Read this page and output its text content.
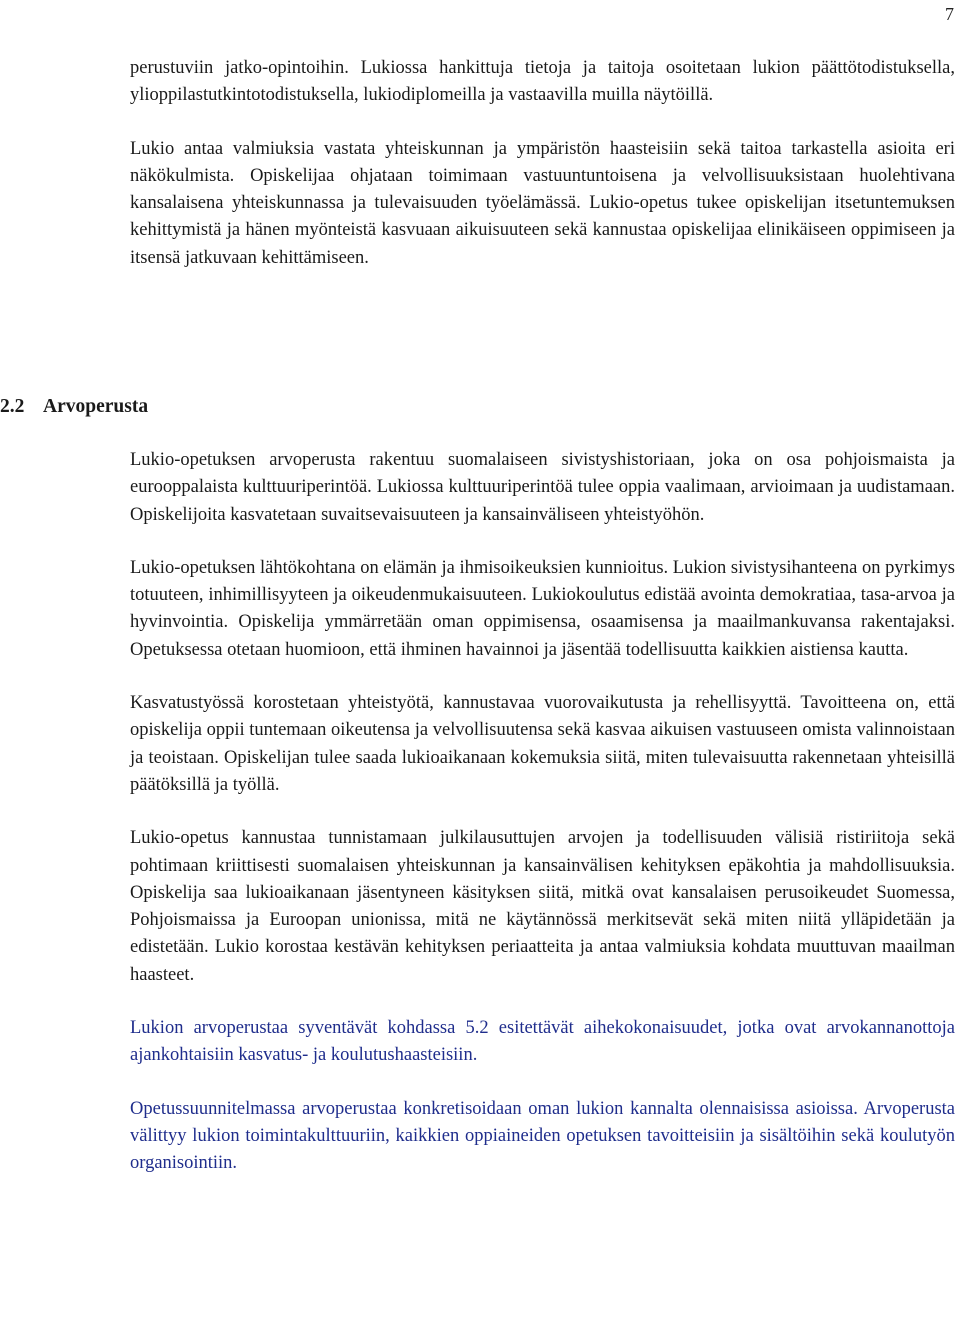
7

perustuviin jatko-opintoihin. Lukiossa hankittuja tietoja ja taitoja osoitetaan lukion päättötodistuksella, ylioppilastutkintotodistuksella, lukiodiplomeilla ja vastaavilla muilla näytöillä.

Lukio antaa valmiuksia vastata yhteiskunnan ja ympäristön haasteisiin sekä taitoa tarkastella asioita eri näkökulmista. Opiskelijaa ohjataan toimimaan vastuuntuntoisena ja velvollisuuksistaan huolehtivana kansalaisena yhteiskunnassa ja tulevaisuuden työelämässä. Lukio-opetus tukee opiskelijan itsetuntemuksen kehittymistä ja hänen myönteistä kasvuaan aikuisuuteen sekä kannustaa opiskelijaa elinikäiseen oppimiseen ja itsensä jatkuvaan kehittämiseen.

2.2 Arvoperusta

Lukio-opetuksen arvoperusta rakentuu suomalaiseen sivistyshistoriaan, joka on osa pohjoismaista ja eurooppalaista kulttuuriperintöä. Lukiossa kulttuuriperintöä tulee oppia vaalimaan, arvioimaan ja uudistamaan. Opiskelijoita kasvatetaan suvaitsevaisuuteen ja kansainväliseen yhteistyöhön.

Lukio-opetuksen lähtökohtana on elämän ja ihmisoikeuksien kunnioitus. Lukion sivistysihanteena on pyrkimys totuuteen, inhimillisyyteen ja oikeudenmukaisuuteen. Lukiokoulutus edistää avointa demokratiaa, tasa-arvoa ja hyvinvointia. Opiskelija ymmärretään oman oppimisensa, osaamisensa ja maailmankuvansa rakentajaksi. Opetuksessa otetaan huomioon, että ihminen havainnoi ja jäsentää todellisuutta kaikkien aistiensa kautta.

Kasvatustyössä korostetaan yhteistyötä, kannustavaa vuorovaikutusta ja rehellisyyttä. Tavoitteena on, että opiskelija oppii tuntemaan oikeutensa ja velvollisuutensa sekä kasvaa aikuisen vastuuseen omista valinnoistaan ja teoistaan. Opiskelijan tulee saada lukioaikanaan kokemuksia siitä, miten tulevaisuutta rakennetaan yhteisillä päätöksillä ja työllä.

Lukio-opetus kannustaa tunnistamaan julkilausuttujen arvojen ja todellisuuden välisiä ristiriitoja sekä pohtimaan kriittisesti suomalaisen yhteiskunnan ja kansainvälisen kehityksen epäkohtia ja mahdollisuuksia. Opiskelija saa lukioaikanaan jäsentyneen käsityksen siitä, mitkä ovat kansalaisen perusoikeudet Suomessa, Pohjoismaissa ja Euroopan unionissa, mitä ne käytännössä merkitsevät sekä miten niitä ylläpidetään ja edistetään. Lukio korostaa kestävän kehityksen periaatteita ja antaa valmiuksia kohdata muuttuvan maailman haasteet.

Lukion arvoperustaa syventävät kohdassa 5.2 esitettävät aihekokonaisuudet, jotka ovat arvokannanottoja ajankohtaisiin kasvatus- ja koulutushaasteisiin.

Opetussuunnitelmassa arvoperustaa konkretisoidaan oman lukion kannalta olennaisissa asioissa. Arvoperusta välittyy lukion toimintakulttuuriin, kaikkien oppiaineiden opetuksen tavoitteisiin ja sisältöihin sekä koulutyön organisointiin.
